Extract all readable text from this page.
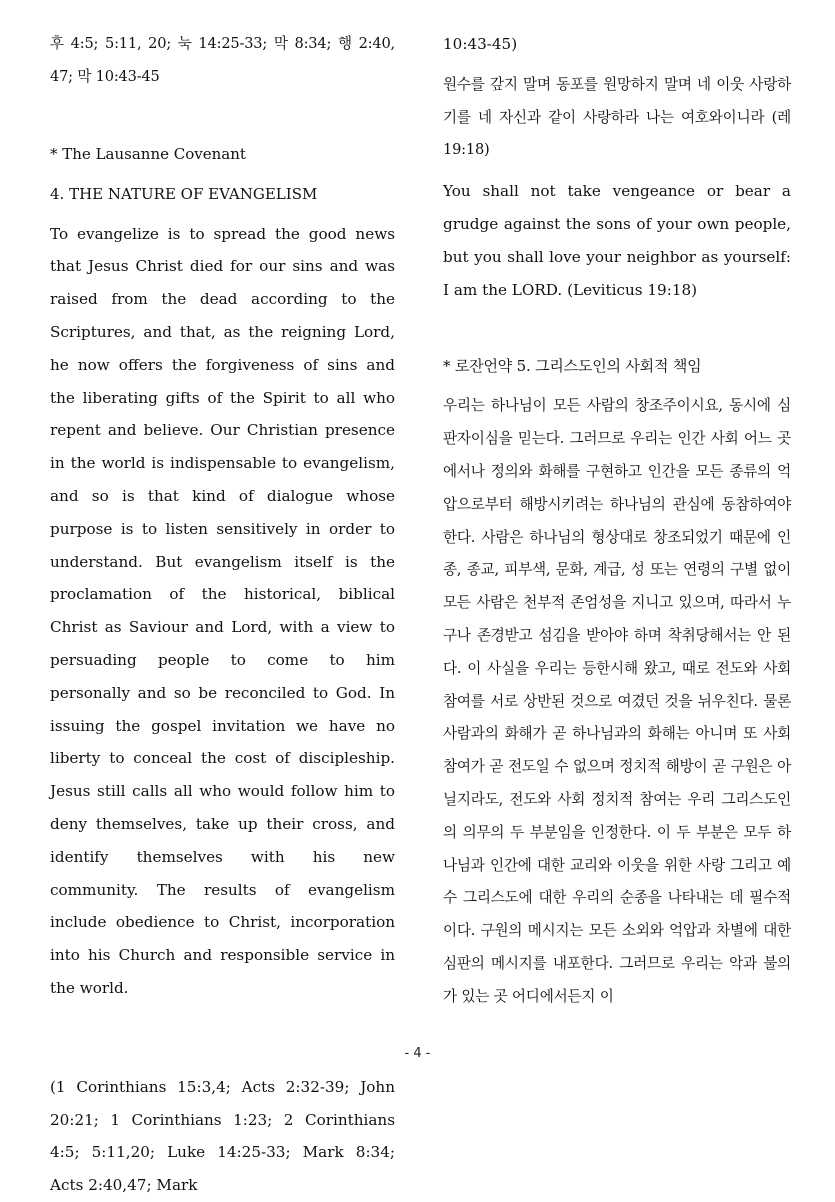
후 4:5; 5:11, 20; 눅 14:25-33; 막 8:34; 행 2:40, 47; 막 10:43-45

* The Lausanne Covenant

4. THE NATURE OF EVANGELISM

To evangelize is to spread the good news that Jesus Christ died for our sins and was raised from the dead according to the Scriptures, and that, as the reigning Lord, he now offers the forgiveness of sins and the liberating gifts of the Spirit to all who repent and believe. Our Christian presence in the world is indispensable to evangelism, and so is that kind of dialogue whose purpose is to listen sensitively in order to understand. But evangelism itself is the proclamation of the historical, biblical Christ as Saviour and Lord, with a view to persuading people to come to him personally and so be reconciled to God. In issuing the gospel invitation we have no liberty to conceal the cost of discipleship. Jesus still calls all who would follow him to deny themselves, take up their cross, and identify themselves with his new community. The results of evangelism include obedience to Christ, incorporation into his Church and responsible service in the world.

(1 Corinthians 15:3,4; Acts 2:32-39; John 20:21; 1 Corinthians 1:23; 2 Corinthians 4:5; 5:11,20; Luke 14:25-33; Mark 8:34; Acts 2:40,47; Mark

10:43-45)

원수를 갚지 말며 동포를 원망하지 말며 네 이웃 사랑하기를 네 자신과 같이 사랑하라 나는 여호와이니라 (레19:18)

You shall not take vengeance or bear a grudge against the sons of your own people, but you shall love your neighbor as yourself: I am the LORD. (Leviticus 19:18)

* 로잔언약 5. 그리스도인의 사회적 책임

우리는 하나님이 모든 사람의 창조주이시요, 동시에 심판자이심을 믿는다. 그러므로 우리는 인간 사회 어느 곳에서나 정의와 화해를 구현하고 인간을 모든 종류의 억압으로부터 해방시키려는 하나님의 관심에 동참하여야 한다. 사람은 하나님의 형상대로 창조되었기 때문에 인종, 종교, 피부색, 문화, 계급, 성 또는 연령의 구별 없이 모든 사람은 천부적 존엄성을 지니고 있으며, 따라서 누구나 존경받고 섬김을 받아야 하며 착취당해서는 안 된다. 이 사실을 우리는 등한시해 왔고, 때로 전도와 사회 참여를 서로 상반된 것으로 여겼던 것을 뉘우친다. 물론 사람과의 화해가 곧 하나님과의 화해는 아니며 또 사회 참여가 곧 전도일 수 없으며 정치적 해방이 곧 구원은 아닐지라도, 전도와 사회 정치적 참여는 우리 그리스도인의 의무의 두 부분임을 인정한다. 이 두 부분은 모두 하나님과 인간에 대한 교리와 이웃을 위한 사랑 그리고 예수 그리스도에 대한 우리의 순종을 나타내는 데 필수적이다. 구원의 메시지는 모든 소외와 억압과 차별에 대한 심판의 메시지를 내포한다. 그러므로 우리는 악과 불의가 있는 곳 어디에서든지 이

- 4 -
